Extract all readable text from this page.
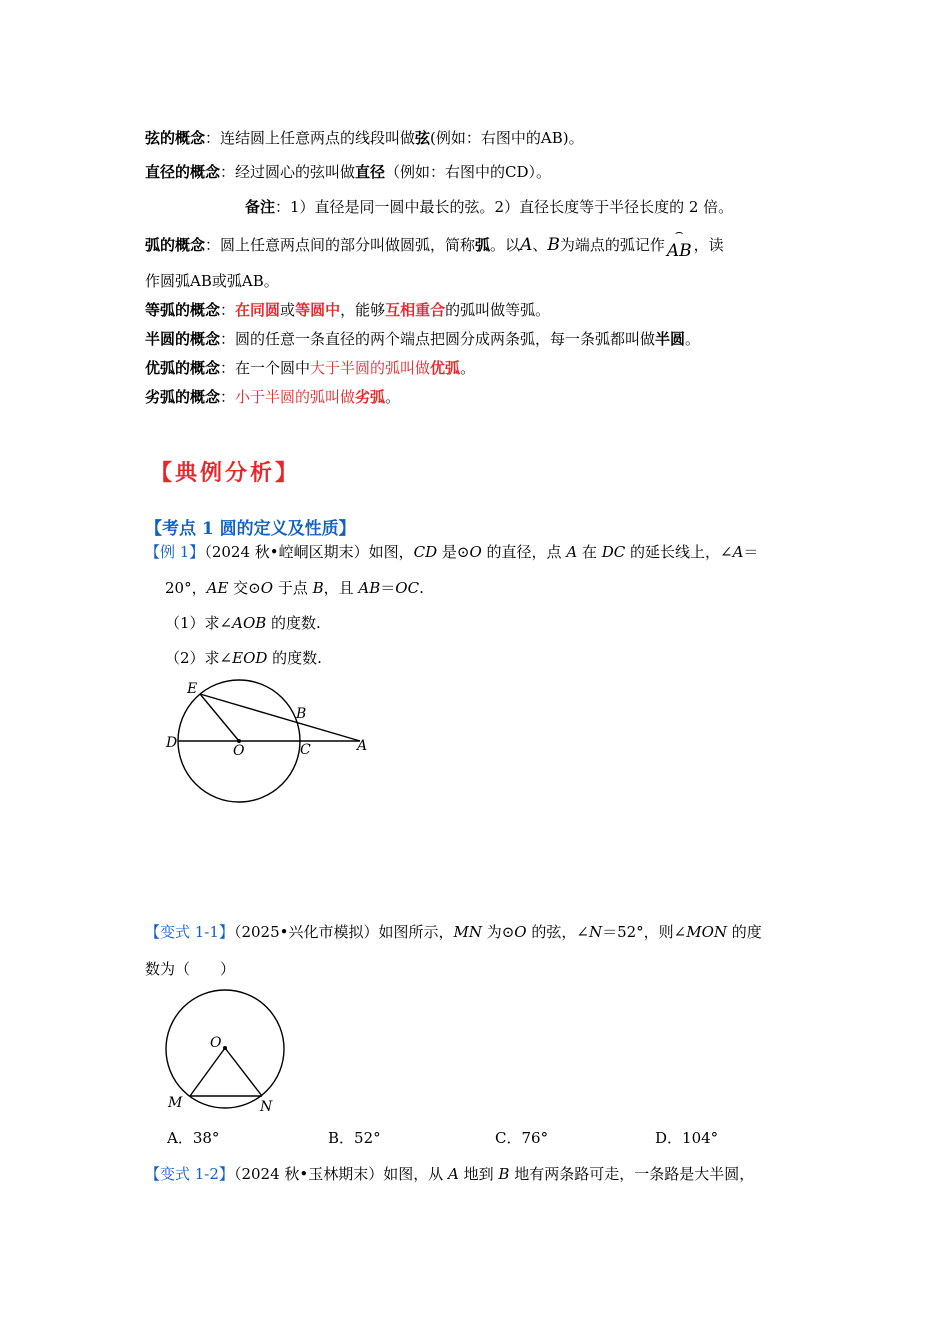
弦的概念：连结圆上任意两点的线段叫做弦(例如：右图中的AB)。
直径的概念：经过圆心的弦叫做直径（例如：右图中的CD）。
备注：1）直径是同一圆中最长的弦。2）直径长度等于半径长度的 2 倍。
弧的概念：圆上任意两点间的部分叫做圆弧，简称弧。以A、B为端点的弧记作
⌢
AB ，读
作圆弧AB或弧AB。
等弧的概念：在同圆或等圆中，能够互相重合的弧叫做等弧。
半圆的概念：圆的任意一条直径的两个端点把圆分成两条弧，每一条弧都叫做半圆。
优弧的概念：在一个圆中大于半圆的弧叫做优弧。
劣弧的概念：小于半圆的弧叫做劣弧。
【典例分析】
【考点 1 圆的定义及性质】
【例 1】（2024 秋•崆峒区期末）如图，CD 是⊙O 的直径，点 A 在 DC 的延长线上，∠A＝
20°，AE 交⊙O 于点 B，且 AB＝OC.
（1）求∠AOB 的度数.
（2）求∠EOD 的度数.
E
B
D	O	C	A
【变式 1-1】（2025•兴化市模拟）如图所示，MN 为⊙O 的弦，∠N＝52°，则∠MON 的度
数为（　　）
O
M	N
A．38°	B．52°	C．76°	D．104°
【变式 1-2】（2024 秋•玉林期末）如图，从 A 地到 B 地有两条路可走，一条路是大半圆，
